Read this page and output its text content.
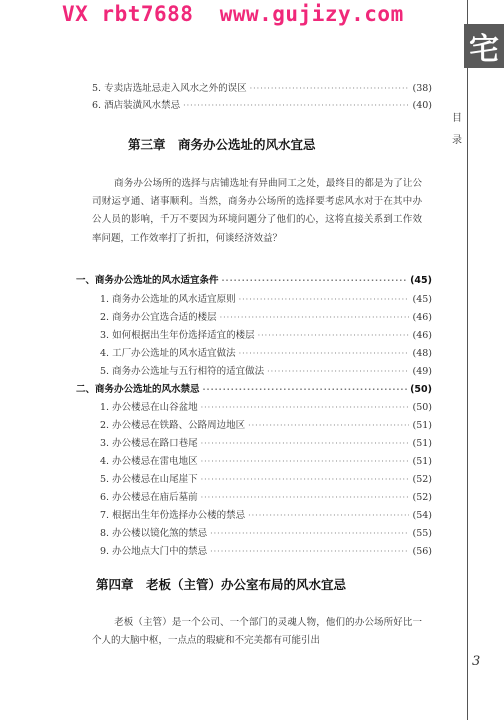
VX rbt7688  www.gujizy.com
宅
目录
3
5. 专卖店选址忌走入风水之外的误区 ·····	(38)
6. 酒店装潢风水禁忌 ·····	(40)
第三章　商务办公选址的风水宜忌
商务办公场所的选择与店铺选址有异曲同工之处，最终目的都是为了让公司财运亨通、诸事顺利。当然，商务办公场所的选择要考虑风水对于在其中办公人员的影响，千万不要因为环境问题分了他们的心，这将直接关系到工作效率问题，工作效率打了折扣，何谈经济效益？
一、商务办公选址的风水适宜条件 ·····	(45)
1. 商务办公选址的风水适宜原则 ·····	(45)
2. 商务办公宜选合适的楼层 ·····	(46)
3. 如何根据出生年份选择适宜的楼层 ·····	(46)
4. 工厂办公选址的风水适宜做法 ·····	(48)
5. 商务办公选址与五行相符的适宜做法 ·····	(49)
二、商务办公选址的风水禁忌 ·····	(50)
1. 办公楼忌在山谷盆地 ·····	(50)
2. 办公楼忌在铁路、公路周边地区 ·····	(51)
3. 办公楼忌在路口巷尾 ·····	(51)
4. 办公楼忌在雷电地区 ·····	(51)
5. 办公楼忌在山尾崖下 ·····	(52)
6. 办公楼忌在庙后墓前 ·····	(52)
7. 根据出生年份选择办公楼的禁忌 ·····	(54)
8. 办公楼以镜化煞的禁忌 ·····	(55)
9. 办公地点大门中的禁忌 ·····	(56)
第四章　老板（主管）办公室布局的风水宜忌
老板（主管）是一个公司、一个部门的灵魂人物，他们的办公场所好比一个人的大脑中枢，一点点的瑕疵和不完美都有可能引出
